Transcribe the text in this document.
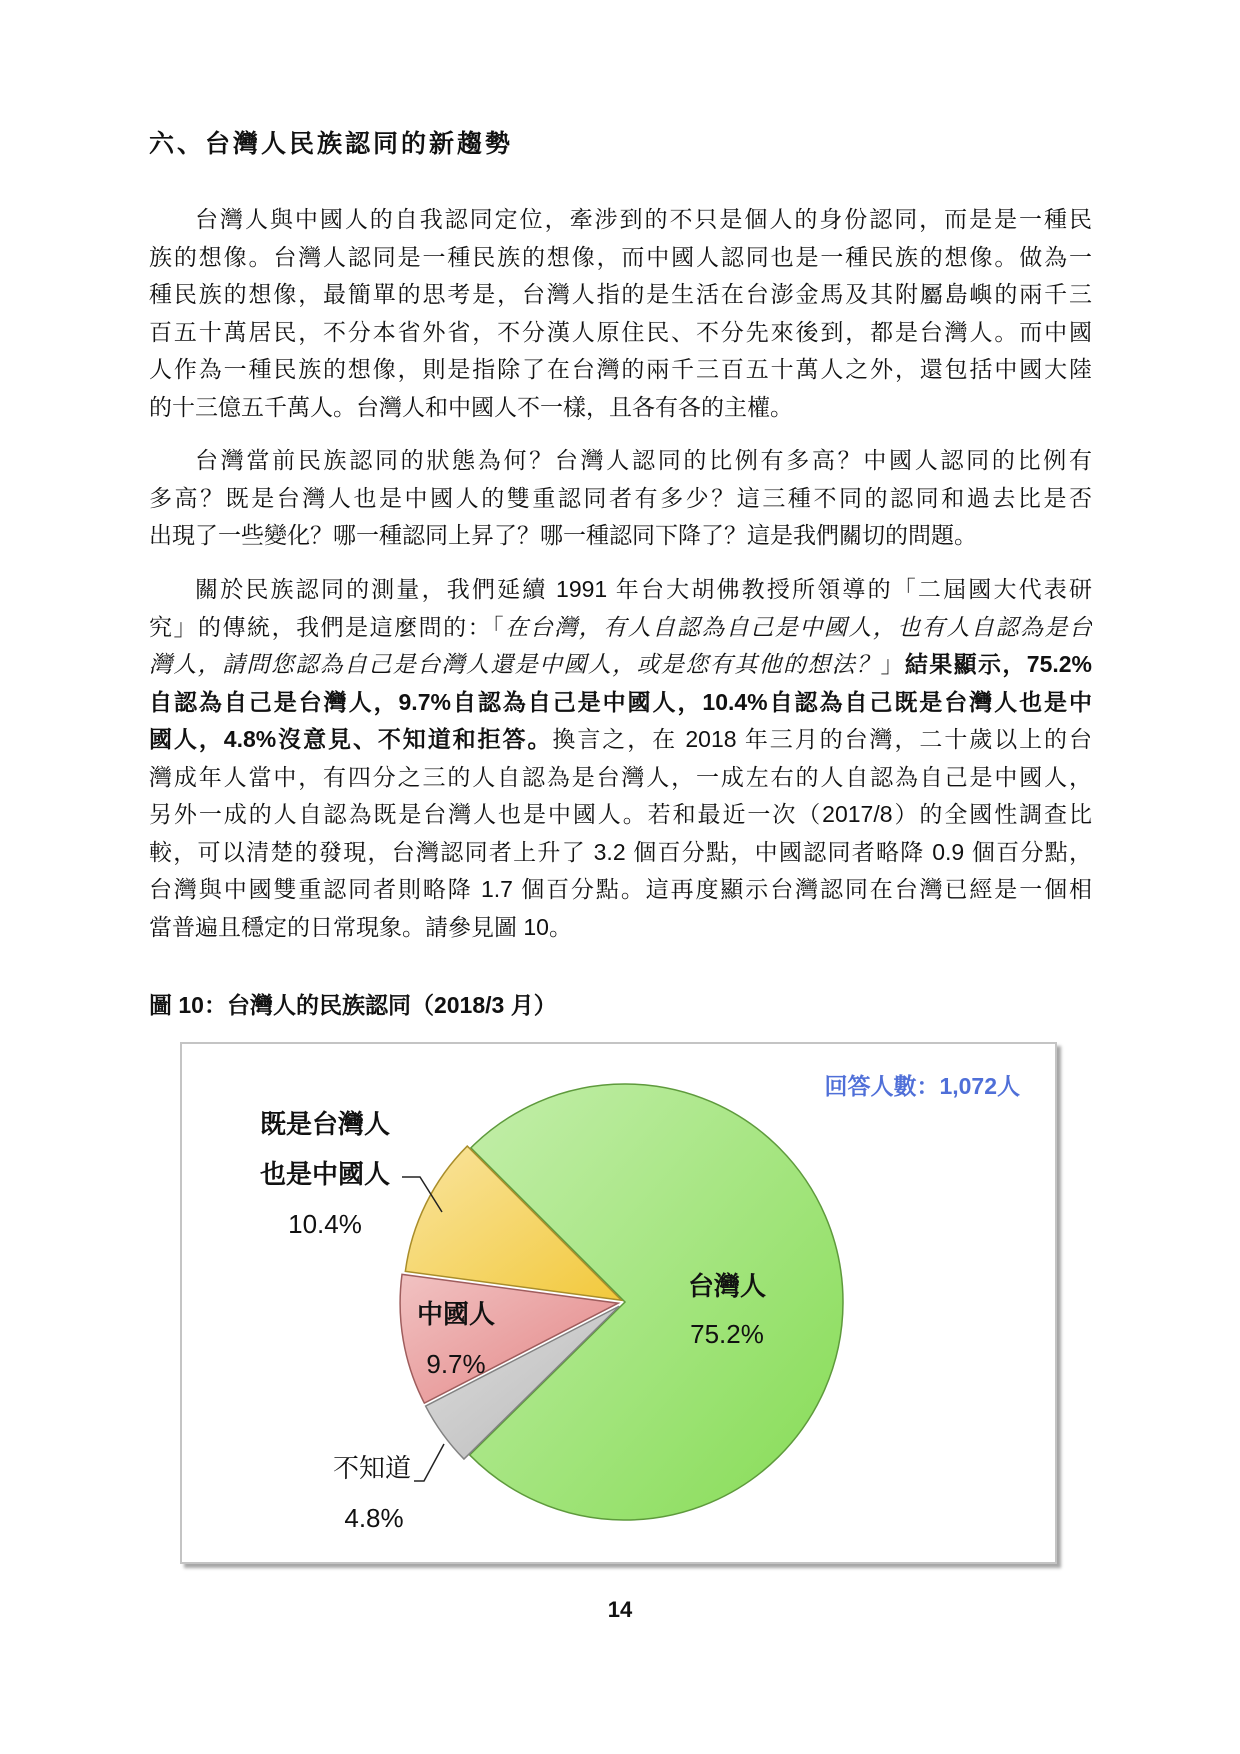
六、台灣人民族認同的新趨勢
台灣人與中國人的自我認同定位，牽涉到的不只是個人的身份認同，而是是一種民
族的想像。台灣人認同是一種民族的想像，而中國人認同也是一種民族的想像。做為一
種民族的想像，最簡單的思考是，台灣人指的是生活在台澎金馬及其附屬島嶼的兩千三
百五十萬居民，不分本省外省，不分漢人原住民、不分先來後到，都是台灣人。而中國
人作為一種民族的想像，則是指除了在台灣的兩千三百五十萬人之外，還包括中國大陸
的十三億五千萬人。台灣人和中國人不一樣，且各有各的主權。
台灣當前民族認同的狀態為何？台灣人認同的比例有多高？中國人認同的比例有
多高？既是台灣人也是中國人的雙重認同者有多少？這三種不同的認同和過去比是否
出現了一些變化？哪一種認同上昇了？哪一種認同下降了？這是我們關切的問題。
關於民族認同的測量，我們延續 1991 年台大胡佛教授所領導的「二屆國大代表研
究」的傳統，我們是這麼問的：「在台灣，有人自認為自己是中國人，也有人自認為是台
灣人，請問您認為自己是台灣人還是中國人，或是您有其他的想法？」結果顯示，75.2%
自認為自己是台灣人，9.7%自認為自己是中國人，10.4%自認為自己既是台灣人也是中
國人，4.8%沒意見、不知道和拒答。換言之，在 2018 年三月的台灣，二十歲以上的台
灣成年人當中，有四分之三的人自認為是台灣人，一成左右的人自認為自己是中國人，
另外一成的人自認為既是台灣人也是中國人。若和最近一次（2017/8）的全國性調查比
較，可以清楚的發現，台灣認同者上升了 3.2 個百分點，中國認同者略降 0.9 個百分點，
台灣與中國雙重認同者則略降 1.7 個百分點。這再度顯示台灣認同在台灣已經是一個相
當普遍且穩定的日常現象。請參見圖 10。
圖 10：台灣人的民族認同（2018/3 月）
回答人數：1,072人
台灣人
75.2%
不知道
4.8%
中國人
9.7%
既是台灣人
也是中國人
10.4%
14
